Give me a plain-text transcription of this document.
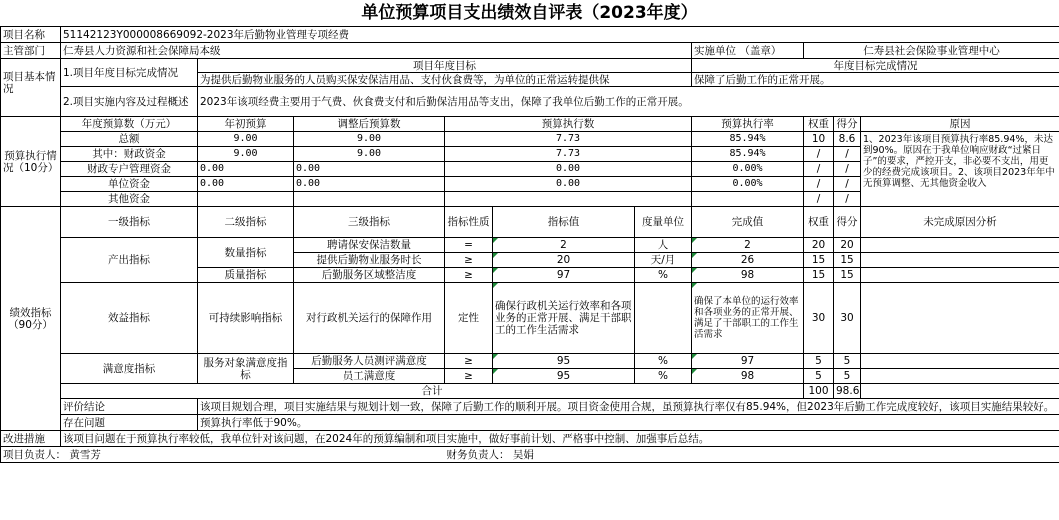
单位预算项目支出绩效自评表（2023年度）
项目名称	51142123Y000008669092-2023年后勤物业管理专项经费									
主管部门	仁寿县人力资源和社会保障局本级						实施单位 （盖章）	仁寿县社会保险事业管理中心		
项目基本情况	1.项目年度目标完成情况	项目年度目标					年度目标完成情况			
		为提供后勤物业服务的人员购买保安保洁用品、支付伙食费等，为单位的正常运转提供保					保障了后勤工作的正常开展。			
	2.项目实施内容及过程概述	2023年该项经费主要用于气费、伙食费支付和后勤保洁用品等支出，保障了我单位后勤工作的正常开展。								
预算执行情况（10分）	年度预算数（万元）	年初预算	调整后预算数	预算执行数			预算执行率	权重	得分	原因
	总额	9.00	9.00	7.73			85.94%	10	8.6	1、2023年该项目预算执行率85.94%，未达到90%。原因在于我单位响应财政“过紧日子”的要求，严控开支，非必要不支出，用更少的经费完成该项目。2、该项目2023年年中无预算调整、无其他资金收入
	其中：财政资金	9.00	9.00	7.73			85.94%	/	/	
	财政专户管理资金	0.00	0.00	0.00			0.00%	/	/	
	单位资金	0.00	0.00	0.00			0.00%	/	/	
	其他资金							/	/	
绩效指标（90分）	一级指标	二级指标	三级指标	指标性质	指标值	度量单位	完成值	权重	得分	未完成原因分析
	产出指标	数量指标	聘请保安保洁数量	=	2	人	2	20	20	
			提供后勤物业服务时长	≥	20	天/月	26	15	15	
		质量指标	后勤服务区域整洁度	≥	97	%	98	15	15	
	效益指标	可持续影响指标	对行政机关运行的保障作用	定性	确保行政机关运行效率和各项业务的正常开展、满足干部职工的工作生活需求		确保了本单位的运行效率和各项业务的正常开展、满足了干部职工的工作生活需求	30	30	
	满意度指标	服务对象满意度指标	后勤服务人员测评满意度	≥	95	%	97	5	5	
			员工满意度	≥	95	%	98	5	5	
	合计							100	98.6	
	评价结论	该项目规划合理，项目实施结果与规划计划一致，保障了后勤工作的顺利开展。项目资金使用合规，虽预算执行率仅有85.94%，但2023年后勤工作完成度较好，该项目实施结果较好。								
	存在问题	预算执行率低于90%。								
改进措施	该项目问题在于预算执行率较低，我单位针对该问题，在2024年的预算编制和项目实施中，做好事前计划、严格事中控制、加强事后总结。									
项目负责人： 黄雪芳				财务负责人： 吴娟						
